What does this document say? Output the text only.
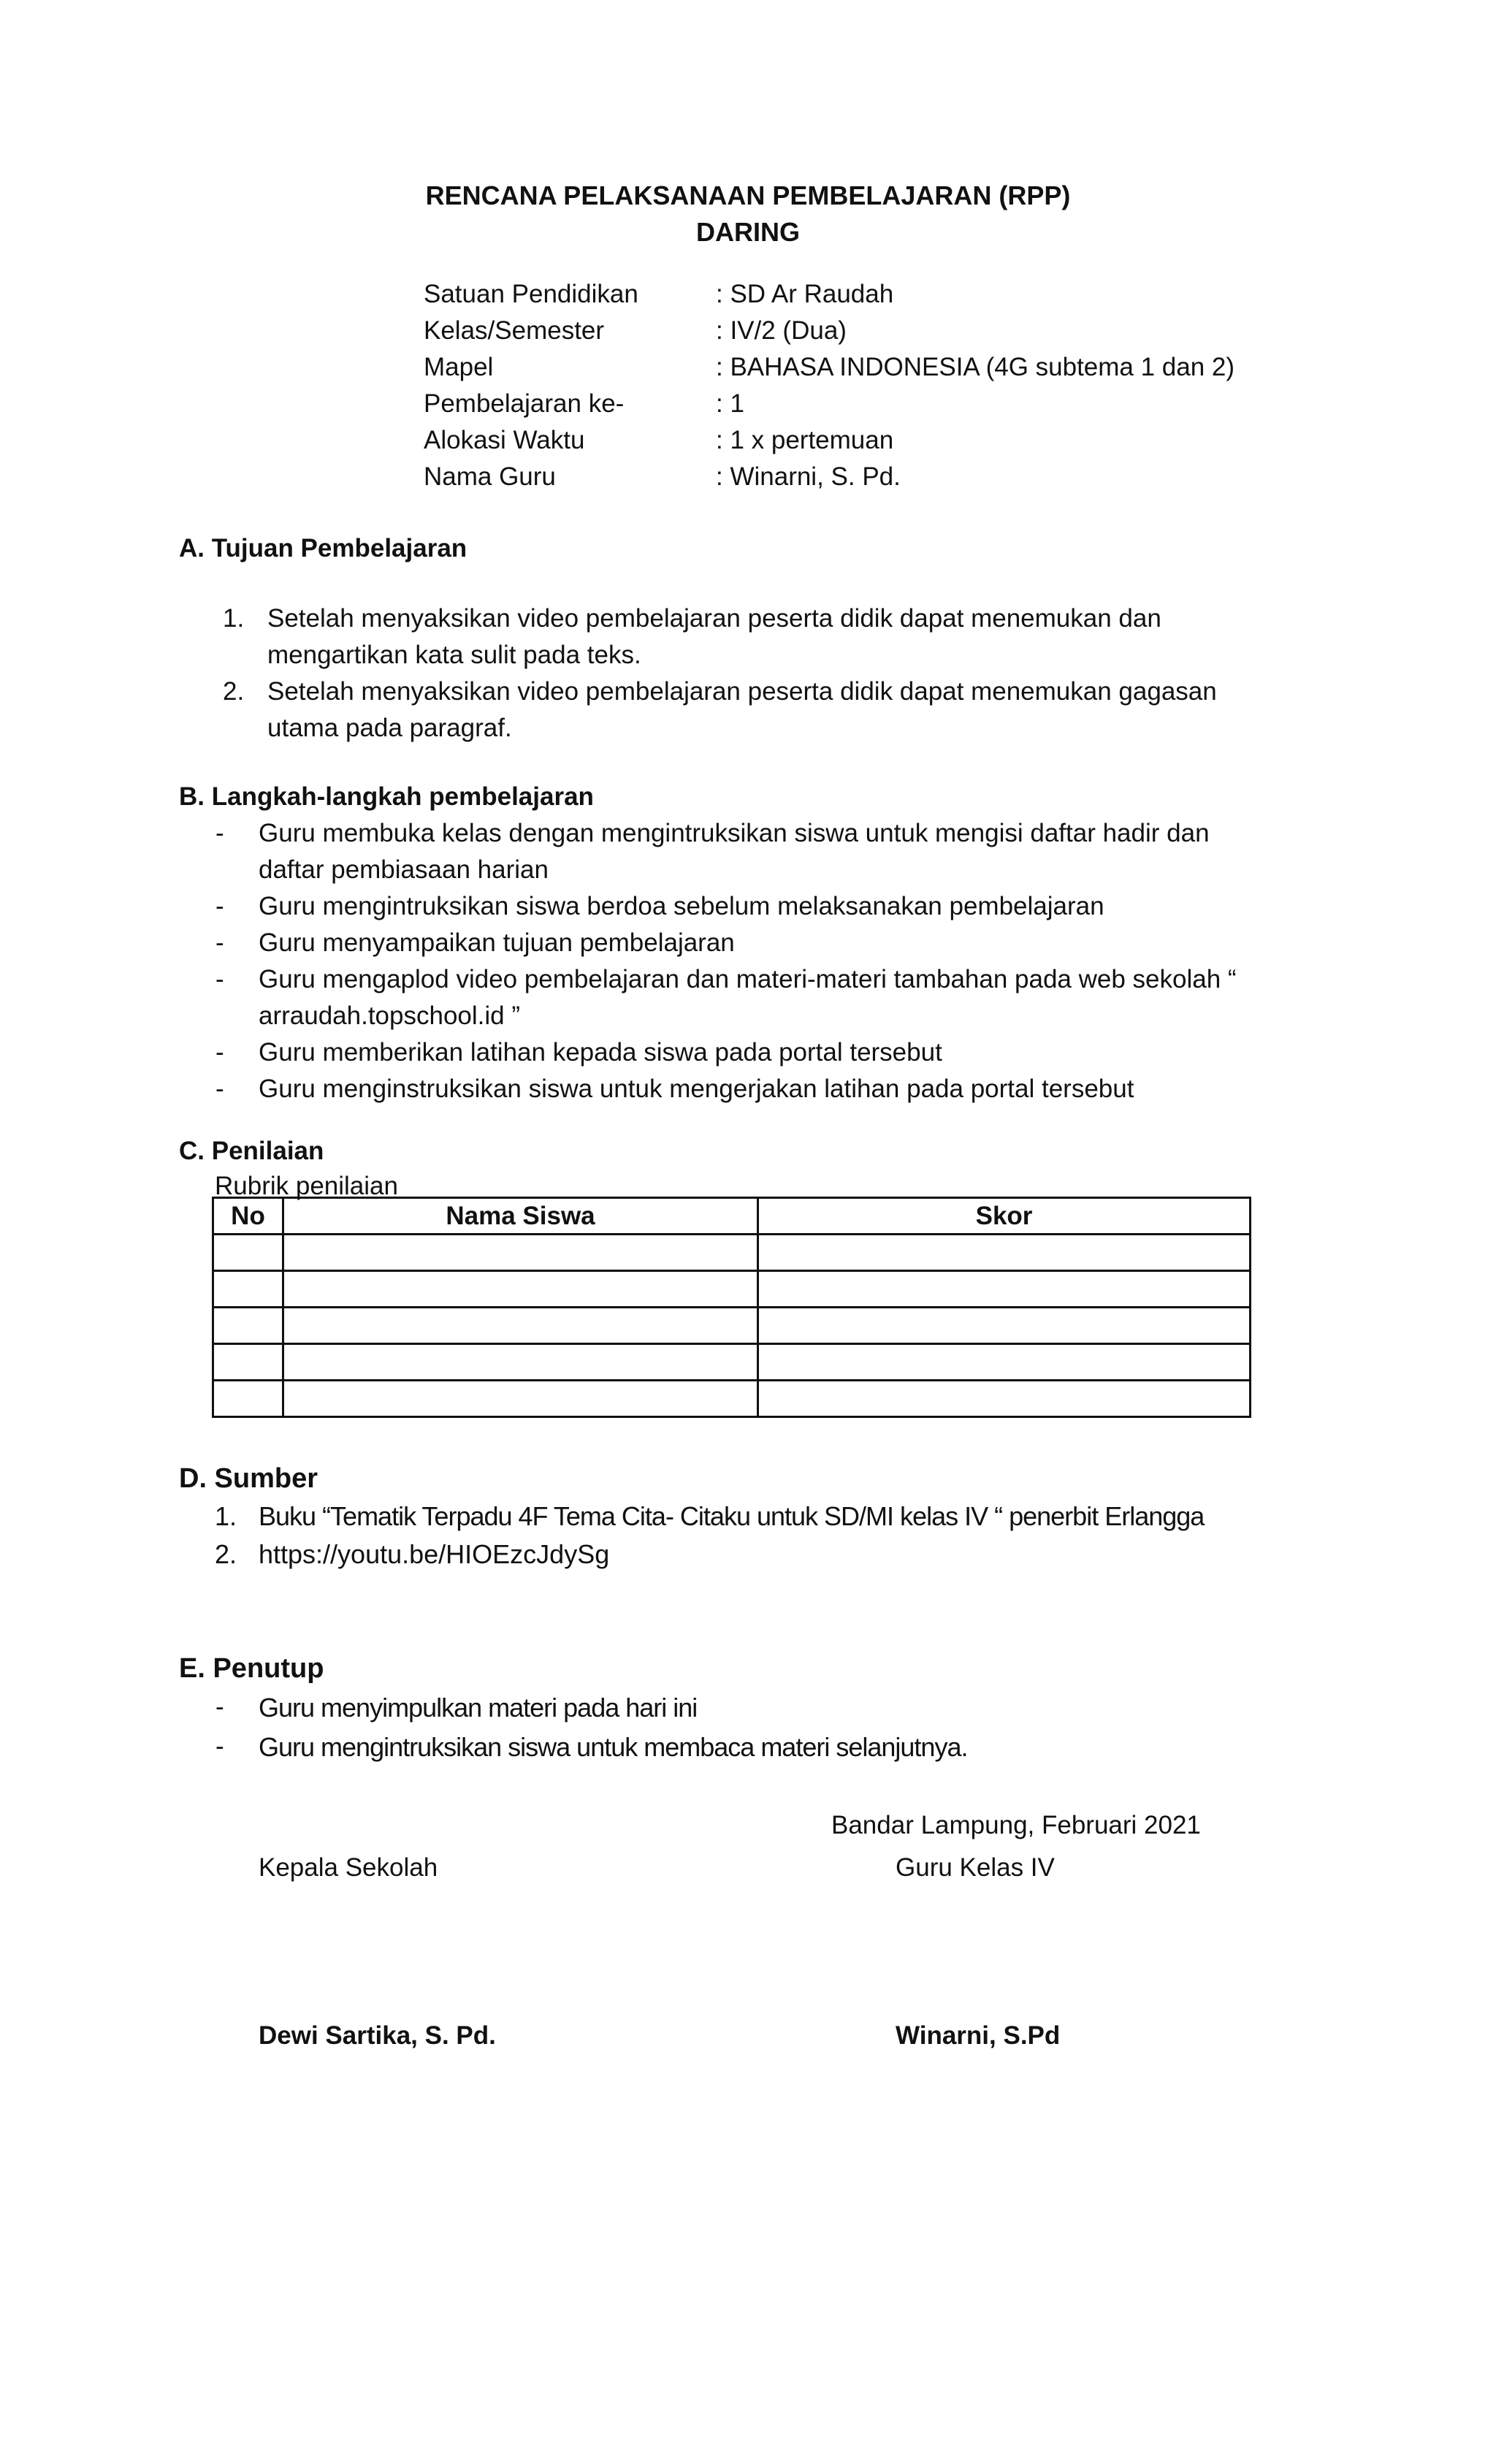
RENCANA PELAKSANAAN PEMBELAJARAN (RPP)
DARING
Satuan Pendidikan	: SD Ar Raudah
Kelas/Semester	: IV/2 (Dua)
Mapel	: BAHASA INDONESIA (4G subtema 1 dan 2)
Pembelajaran ke-	: 1
Alokasi Waktu	: 1 x pertemuan
Nama Guru	: Winarni, S. Pd.
A. Tujuan Pembelajaran
1. Setelah menyaksikan video pembelajaran peserta didik dapat menemukan dan
mengartikan kata sulit pada teks.
2. Setelah menyaksikan video pembelajaran peserta didik dapat menemukan gagasan
utama pada paragraf.
B. Langkah-langkah pembelajaran
- Guru membuka kelas dengan mengintruksikan siswa untuk mengisi daftar hadir dan
daftar pembiasaan harian
- Guru mengintruksikan siswa berdoa sebelum melaksanakan pembelajaran
- Guru menyampaikan tujuan pembelajaran
- Guru mengaplod video pembelajaran dan materi-materi tambahan pada web sekolah “
arraudah.topschool.id ”
- Guru memberikan latihan kepada siswa pada portal tersebut
- Guru menginstruksikan siswa untuk mengerjakan latihan pada portal tersebut
C. Penilaian
Rubrik penilaian
No	Nama Siswa	Skor

D. Sumber
1. Buku “Tematik Terpadu 4F Tema Cita- Citaku untuk SD/MI kelas IV “ penerbit Erlangga
2. https://youtu.be/HIOEzcJdySg
E. Penutup
- Guru menyimpulkan materi pada hari ini
- Guru mengintruksikan siswa untuk membaca materi selanjutnya.
Bandar Lampung, Februari 2021
Kepala Sekolah	Guru Kelas IV
Dewi Sartika, S. Pd.	Winarni, S.Pd
